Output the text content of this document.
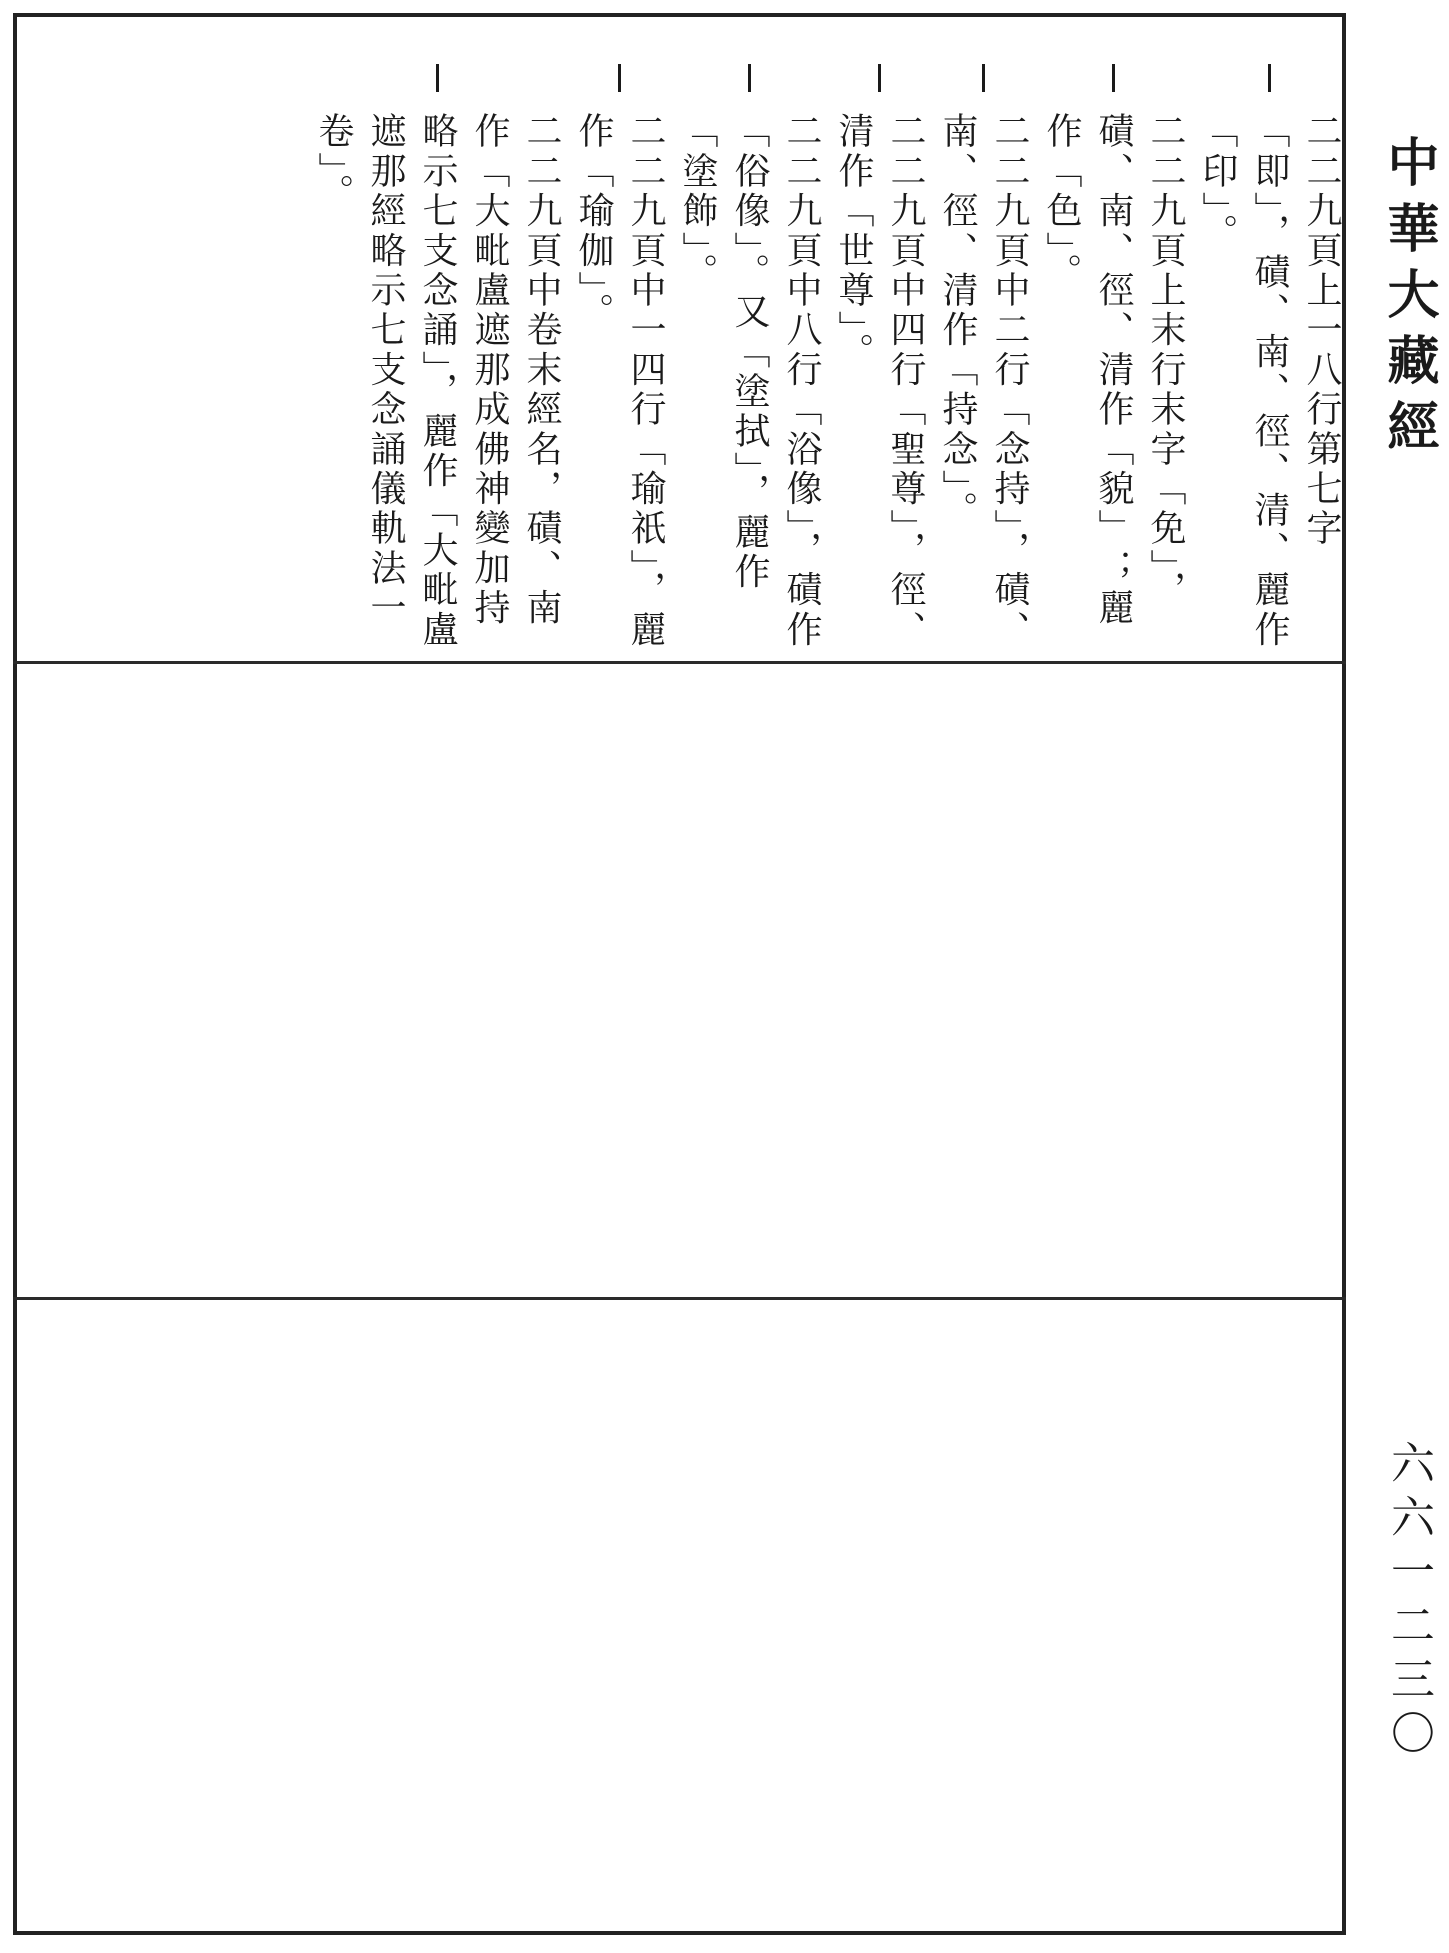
中華大藏經
六六一二三〇
二二九頁上一八行第七字「即」，磧、南、徑、清、麗作「印」。
二二九頁上末行末字「免」，磧、南、徑、清作「貌」；麗作「色」。
二二九頁中二行「念持」，磧、南、徑、清作「持念」。
二二九頁中四行「聖尊」，徑、清作「世尊」。
二二九頁中八行「浴像」，磧作「俗像」。又「塗拭」，麗作「塗飾」。
二二九頁中一四行「瑜祇」，麗作「瑜伽」。
二二九頁中卷末經名，磧、南作「大毗盧遮那成佛神變加持略示七支念誦」，麗作「大毗盧遮那經略示七支念誦儀軌法一卷」。
